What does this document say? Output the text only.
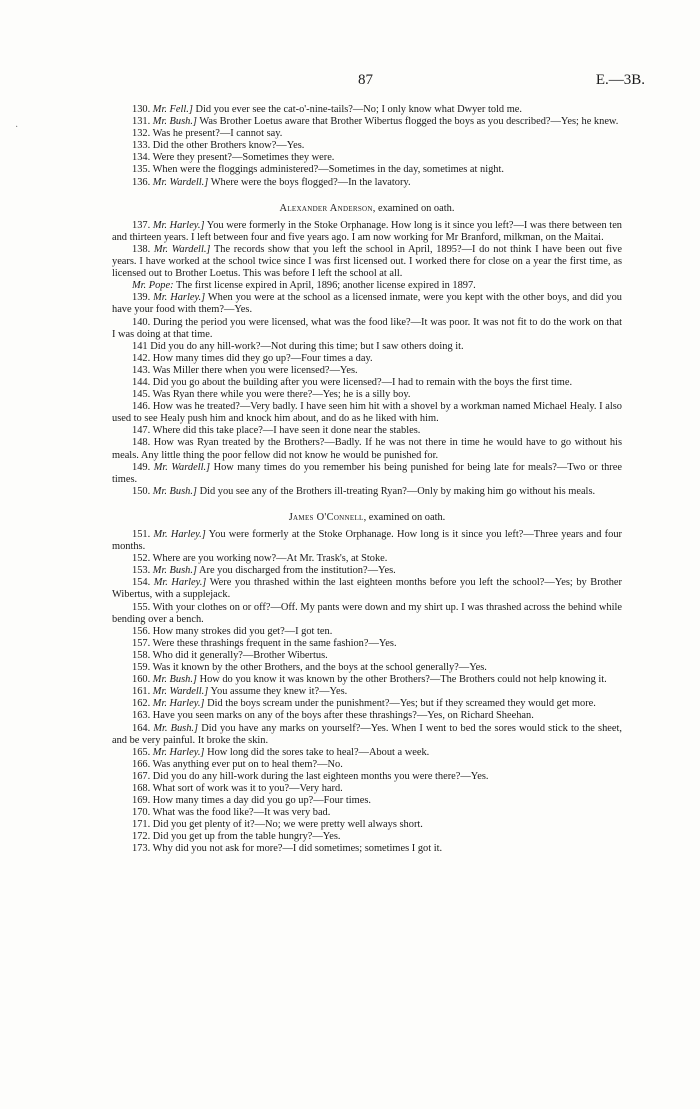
87	E.—3B.
·

130. Mr. Fell.] Did you ever see the cat-o'-nine-tails?—No; I only know what Dwyer told me.

131. Mr. Bush.] Was Brother Loetus aware that Brother Wibertus flogged the boys as you described?—Yes; he knew.

132. Was he present?—I cannot say.

133. Did the other Brothers know?—Yes.

134. Were they present?—Sometimes they were.

135. When were the floggings administered?—Sometimes in the day, sometimes at night.

136. Mr. Wardell.] Where were the boys flogged?—In the lavatory.

Alexander Anderson, examined on oath.

137. Mr. Harley.] You were formerly in the Stoke Orphanage. How long is it since you left?—I was there between ten and thirteen years. I left between four and five years ago. I am now working for Mr Branford, milkman, on the Maitai.

138. Mr. Wardell.] The records show that you left the school in April, 1895?—I do not think I have been out five years. I have worked at the school twice since I was first licensed out. I worked there for close on a year the first time, as licensed out to Brother Loetus. This was before I left the school at all.

Mr. Pope: The first license expired in April, 1896; another license expired in 1897.

139. Mr. Harley.] When you were at the school as a licensed inmate, were you kept with the other boys, and did you have your food with them?—Yes.

140. During the period you were licensed, what was the food like?—It was poor. It was not fit to do the work on that I was doing at that time.

141 Did you do any hill-work?—Not during this time; but I saw others doing it.

142. How many times did they go up?—Four times a day.

143. Was Miller there when you were licensed?—Yes.

144. Did you go about the building after you were licensed?—I had to remain with the boys the first time.

145. Was Ryan there while you were there?—Yes; he is a silly boy.

146. How was he treated?—Very badly. I have seen him hit with a shovel by a workman named Michael Healy. I also used to see Healy push him and knock him about, and do as he liked with him.

147. Where did this take place?—I have seen it done near the stables.

148. How was Ryan treated by the Brothers?—Badly. If he was not there in time he would have to go without his meals. Any little thing the poor fellow did not know he would be punished for.

149. Mr. Wardell.] How many times do you remember his being punished for being late for meals?—Two or three times.

150. Mr. Bush.] Did you see any of the Brothers ill-treating Ryan?—Only by making him go without his meals.

James O'Connell, examined on oath.

151. Mr. Harley.] You were formerly at the Stoke Orphanage. How long is it since you left?—Three years and four months.

152. Where are you working now?—At Mr. Trask's, at Stoke.

153. Mr. Bush.] Are you discharged from the institution?—Yes.

154. Mr. Harley.] Were you thrashed within the last eighteen months before you left the school?—Yes; by Brother Wibertus, with a supplejack.

155. With your clothes on or off?—Off. My pants were down and my shirt up. I was thrashed across the behind while bending over a bench.

156. How many strokes did you get?—I got ten.

157. Were these thrashings frequent in the same fashion?—Yes.

158. Who did it generally?—Brother Wibertus.

159. Was it known by the other Brothers, and the boys at the school generally?—Yes.

160. Mr. Bush.] How do you know it was known by the other Brothers?—The Brothers could not help knowing it.

161. Mr. Wardell.] You assume they knew it?—Yes.

162. Mr. Harley.] Did the boys scream under the punishment?—Yes; but if they screamed they would get more.

163. Have you seen marks on any of the boys after these thrashings?—Yes, on Richard Sheehan.

164. Mr. Bush.] Did you have any marks on yourself?—Yes. When I went to bed the sores would stick to the sheet, and be very painful. It broke the skin.

165. Mr. Harley.] How long did the sores take to heal?—About a week.

166. Was anything ever put on to heal them?—No.

167. Did you do any hill-work during the last eighteen months you were there?—Yes.

168. What sort of work was it to you?—Very hard.

169. How many times a day did you go up?—Four times.

170. What was the food like?—It was very bad.

171. Did you get plenty of it?—No; we were pretty well always short.

172. Did you get up from the table hungry?—Yes.

173. Why did you not ask for more?—I did sometimes; sometimes I got it.
